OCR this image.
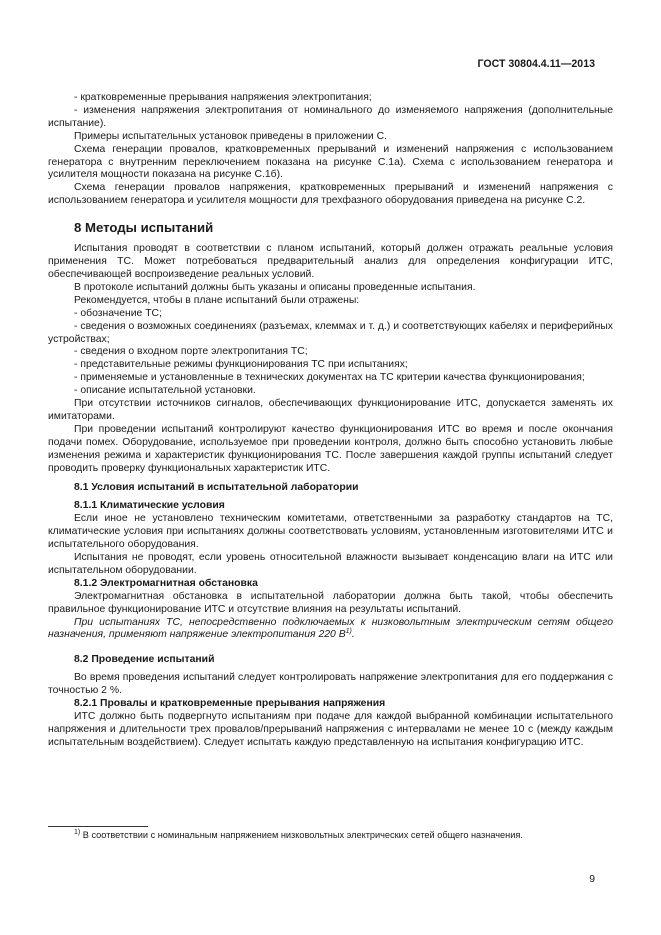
ГОСТ 30804.4.11—2013

- кратковременные прерывания напряжения электропитания;

- изменения напряжения электропитания от номинального до изменяемого напряжения (дополнительные испытание).

Примеры испытательных установок приведены в приложении С.

Схема генерации провалов, кратковременных прерываний и изменений напряжения с использованием генератора с внутренним переключением показана на рисунке С.1а). Схема с использованием генератора и усилителя мощности показана на рисунке С.1б).

Схема генерации провалов напряжения, кратковременных прерываний и изменений напряжения с использованием генератора и усилителя мощности для трехфазного оборудования приведена на рисунке С.2.

8 Методы испытаний

Испытания проводят в соответствии с планом испытаний, который должен отражать реальные условия применения ТС. Может потребоваться предварительный анализ для определения конфигурации ИТС, обеспечивающей воспроизведение реальных условий.

В протоколе испытаний должны быть указаны и описаны проведенные испытания.

Рекомендуется, чтобы в плане испытаний были отражены:

- обозначение ТС;

- сведения о возможных соединениях (разъемах, клеммах и т. д.) и соответствующих кабелях и периферийных устройствах;

- сведения о входном порте электропитания ТС;

- представительные режимы функционирования ТС при испытаниях;

- применяемые и установленные в технических документах на ТС критерии качества функционирования;

- описание испытательной установки.

При отсутствии источников сигналов, обеспечивающих функционирование ИТС, допускается заменять их имитаторами.

При проведении испытаний контролируют качество функционирования ИТС во время и после окончания подачи помех. Оборудование, используемое при проведении контроля, должно быть способно установить любые изменения режима и характеристик функционирования ТС. После завершения каждой группы испытаний следует проводить проверку функциональных характеристик ИТС.

8.1 Условия испытаний в испытательной лаборатории

8.1.1 Климатические условия

Если иное не установлено техническим комитетами, ответственными за разработку стандартов на ТС, климатические условия при испытаниях должны соответствовать условиям, установленным изготовителями ИТС и испытательного оборудования.

Испытания не проводят, если уровень относительной влажности вызывает конденсацию влаги на ИТС или испытательном оборудовании.

8.1.2 Электромагнитная обстановка

Электромагнитная обстановка в испытательной лаборатории должна быть такой, чтобы обеспечить правильное функционирование ИТС и отсутствие влияния на результаты испытаний.

При испытаниях ТС, непосредственно подключаемых к низковольтным электрическим сетям общего назначения, применяют напряжение электропитания 220 $В^{1)}$.

8.2 Проведение испытаний

Во время проведения испытаний следует контролировать напряжение электропитания для его поддержания с точностью 2 %.

8.2.1 Провалы и кратковременные прерывания напряжения

ИТС должно быть подвергнуто испытаниям при подаче для каждой выбранной комбинации испытательного напряжения и длительности трех провалов/прерываний напряжения с интервалами не менее 10 с (между каждым испытательным воздействием). Следует испытать каждую представленную на испытания конфигурацию ИТС.

$^{1)}$ В соответствии с номинальным напряжением низковольтных электрических сетей общего назначения.
9
